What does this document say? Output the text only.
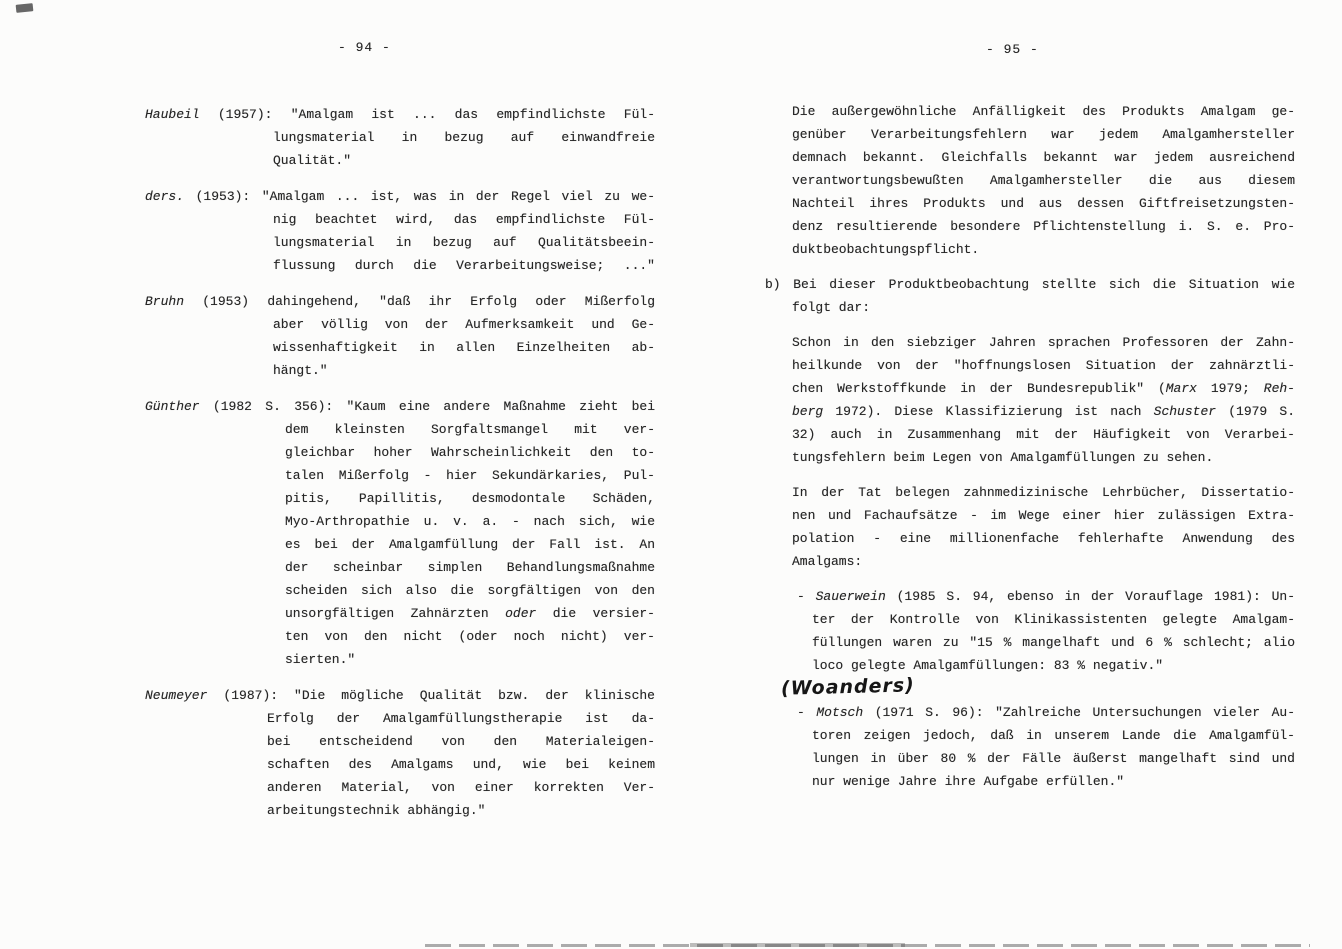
- 94 -	- 95 -
Haubeil (1957): "Amalgam ist ... das empfindlichste Fül-
lungsmaterial in bezug auf einwandfreie
Qualität."
ders. (1953): "Amalgam ... ist, was in der Regel viel zu we-
nig beachtet wird, das empfindlichste Fül-
lungsmaterial in bezug auf Qualitätsbeein-
flussung durch die Verarbeitungsweise; ..."
Bruhn (1953) dahingehend, "daß ihr Erfolg oder Mißerfolg
aber völlig von der Aufmerksamkeit und Ge-
wissenhaftigkeit in allen Einzelheiten ab-
hängt."
Günther (1982 S. 356): "Kaum eine andere Maßnahme zieht bei
dem kleinsten Sorgfaltsmangel mit ver-
gleichbar hoher Wahrscheinlichkeit den to-
talen Mißerfolg - hier Sekundärkaries, Pul-
pitis, Papillitis, desmodontale Schäden,
Myo-Arthropathie u. v. a. - nach sich, wie
es bei der Amalgamfüllung der Fall ist. An
der scheinbar simplen Behandlungsmaßnahme
scheiden sich also die sorgfältigen von den
unsorgfältigen Zahnärzten oder die versier-
ten von den nicht (oder noch nicht) ver-
sierten."
Neumeyer (1987): "Die mögliche Qualität bzw. der klinische
Erfolg der Amalgamfüllungstherapie ist da-
bei entscheidend von den Materialeigen-
schaften des Amalgams und, wie bei keinem
anderen Material, von einer korrekten Ver-
arbeitungstechnik abhängig."
Die außergewöhnliche Anfälligkeit des Produkts Amalgam ge-
genüber Verarbeitungsfehlern war jedem Amalgamhersteller
demnach bekannt. Gleichfalls bekannt war jedem ausreichend
verantwortungsbewußten Amalgamhersteller die aus diesem
Nachteil ihres Produkts und aus dessen Giftfreisetzungsten-
denz resultierende besondere Pflichtenstellung i. S. e. Pro-
duktbeobachtungspflicht.
b) Bei dieser Produktbeobachtung stellte sich die Situation wie
folgt dar:
Schon in den siebziger Jahren sprachen Professoren der Zahn-
heilkunde von der "hoffnungslosen Situation der zahnärztli-
chen Werkstoffkunde in der Bundesrepublik" (Marx 1979; Reh-
berg 1972). Diese Klassifizierung ist nach Schuster (1979 S.
32) auch in Zusammenhang mit der Häufigkeit von Verarbei-
tungsfehlern beim Legen von Amalgamfüllungen zu sehen.
In der Tat belegen zahnmedizinische Lehrbücher, Dissertatio-
nen und Fachaufsätze - im Wege einer hier zulässigen Extra-
polation - eine millionenfache fehlerhafte Anwendung des
Amalgams:
- Sauerwein (1985 S. 94, ebenso in der Vorauflage 1981): Un-
ter der Kontrolle von Klinikassistenten gelegte Amalgam-
füllungen waren zu "15 % mangelhaft und 6 % schlecht; alio
loco gelegte Amalgamfüllungen: 83 % negativ."
- Motsch (1971 S. 96): "Zahlreiche Untersuchungen vieler Au-
toren zeigen jedoch, daß in unserem Lande die Amalgamfül-
lungen in über 80 % der Fälle äußerst mangelhaft sind und
nur wenige Jahre ihre Aufgabe erfüllen."
(Woanders)
